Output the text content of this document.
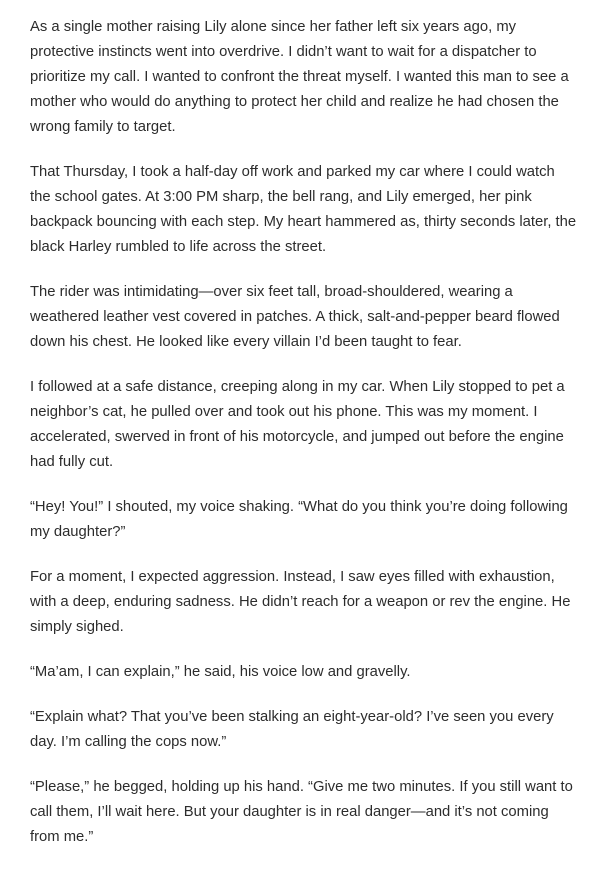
As a single mother raising Lily alone since her father left six years ago, my protective instincts went into overdrive. I didn’t want to wait for a dispatcher to prioritize my call. I wanted to confront the threat myself. I wanted this man to see a mother who would do anything to protect her child and realize he had chosen the wrong family to target.

That Thursday, I took a half-day off work and parked my car where I could watch the school gates. At 3:00 PM sharp, the bell rang, and Lily emerged, her pink backpack bouncing with each step. My heart hammered as, thirty seconds later, the black Harley rumbled to life across the street.

The rider was intimidating—over six feet tall, broad-shouldered, wearing a weathered leather vest covered in patches. A thick, salt-and-pepper beard flowed down his chest. He looked like every villain I’d been taught to fear.

I followed at a safe distance, creeping along in my car. When Lily stopped to pet a neighbor’s cat, he pulled over and took out his phone. This was my moment. I accelerated, swerved in front of his motorcycle, and jumped out before the engine had fully cut.

“Hey! You!” I shouted, my voice shaking. “What do you think you’re doing following my daughter?”

For a moment, I expected aggression. Instead, I saw eyes filled with exhaustion, with a deep, enduring sadness. He didn’t reach for a weapon or rev the engine. He simply sighed.

“Ma’am, I can explain,” he said, his voice low and gravelly.

“Explain what? That you’ve been stalking an eight-year-old? I’ve seen you every day. I’m calling the cops now.”

“Please,” he begged, holding up his hand. “Give me two minutes. If you still want to call them, I’ll wait here. But your daughter is in real danger—and it’s not coming from me.”
